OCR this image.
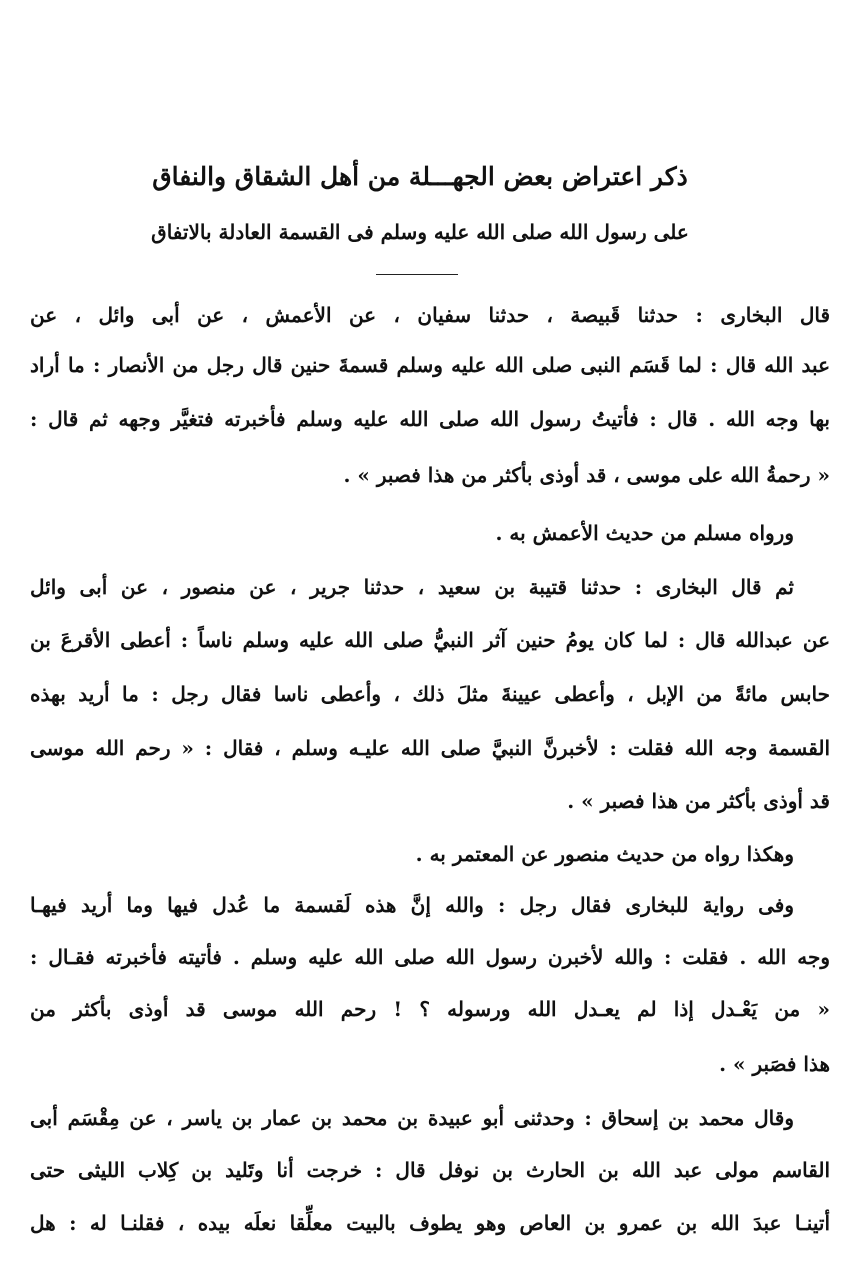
ذكر اعتراض بعض الجهـــلة من أهل الشقاق والنفاق
على رسول الله صلى الله عليه وسلم فى القسمة العادلة بالاتفاق
قال البخارى : حدثنا قَبيصة ، حدثنا سفيان ، عن الأعمش ، عن أبى وائل ، عن
عبد الله قال : لما قَسَم النبى صلى الله عليه وسلم قسمةَ حنين قال رجل من الأنصار : ما أراد
بها وجه الله . قال : فأتيتُ رسول الله صلى الله عليه وسلم فأخبرته فتغيَّر وجهه ثم قال :
« رحمةُ الله على موسى ، قد أوذى بأكثر من هذا فصبر » .
ورواه مسلم من حديث الأعمش به .
ثم قال البخارى : حدثنا قتيبة بن سعيد ، حدثنا جرير ، عن منصور ، عن أبى وائل
عن عبدالله قال : لما كان يومُ حنين آثر النبيُّ صلى الله عليه وسلم ناساً : أعطى الأقرعَ بن
حابس مائةً من الإبل ، وأعطى عيينةَ مثلَ ذلك ، وأعطى ناسا فقال رجل : ما أريد بهذه
القسمة وجه الله فقلت : لأخبرنَّ النبيَّ صلى الله عليـه وسلم ، فقال : « رحم الله موسى
قد أوذى بأكثر من هذا فصبر » .
وهكذا رواه من حديث منصور عن المعتمر به .
وفى رواية للبخارى فقال رجل : والله إنَّ هذه لَقسمة ما عُدل فيها وما أريد فيهـا
وجه الله . فقلت : والله لأخبرن رسول الله صلى الله عليه وسلم . فأتيته فأخبرته فقـال :
« من يَعْـدل إذا لم يعـدل الله ورسوله ؟ ! رحم الله موسى قد أوذى بأكثر من
هذا فصَبر » .
وقال محمد بن إسحاق : وحدثنى أبو عبيدة بن محمد بن عمار بن ياسر ، عن مِقْسَم أبى
القاسم مولى عبد الله بن الحارث بن نوفل قال : خرجت أنا وتَليد بن كِلاب الليثى حتى
أتينـا عبدَ الله بن عمرو بن العاص وهو يطوف بالبيت معلِّقا نعلَه بيده ، فقلنـا له : هل
